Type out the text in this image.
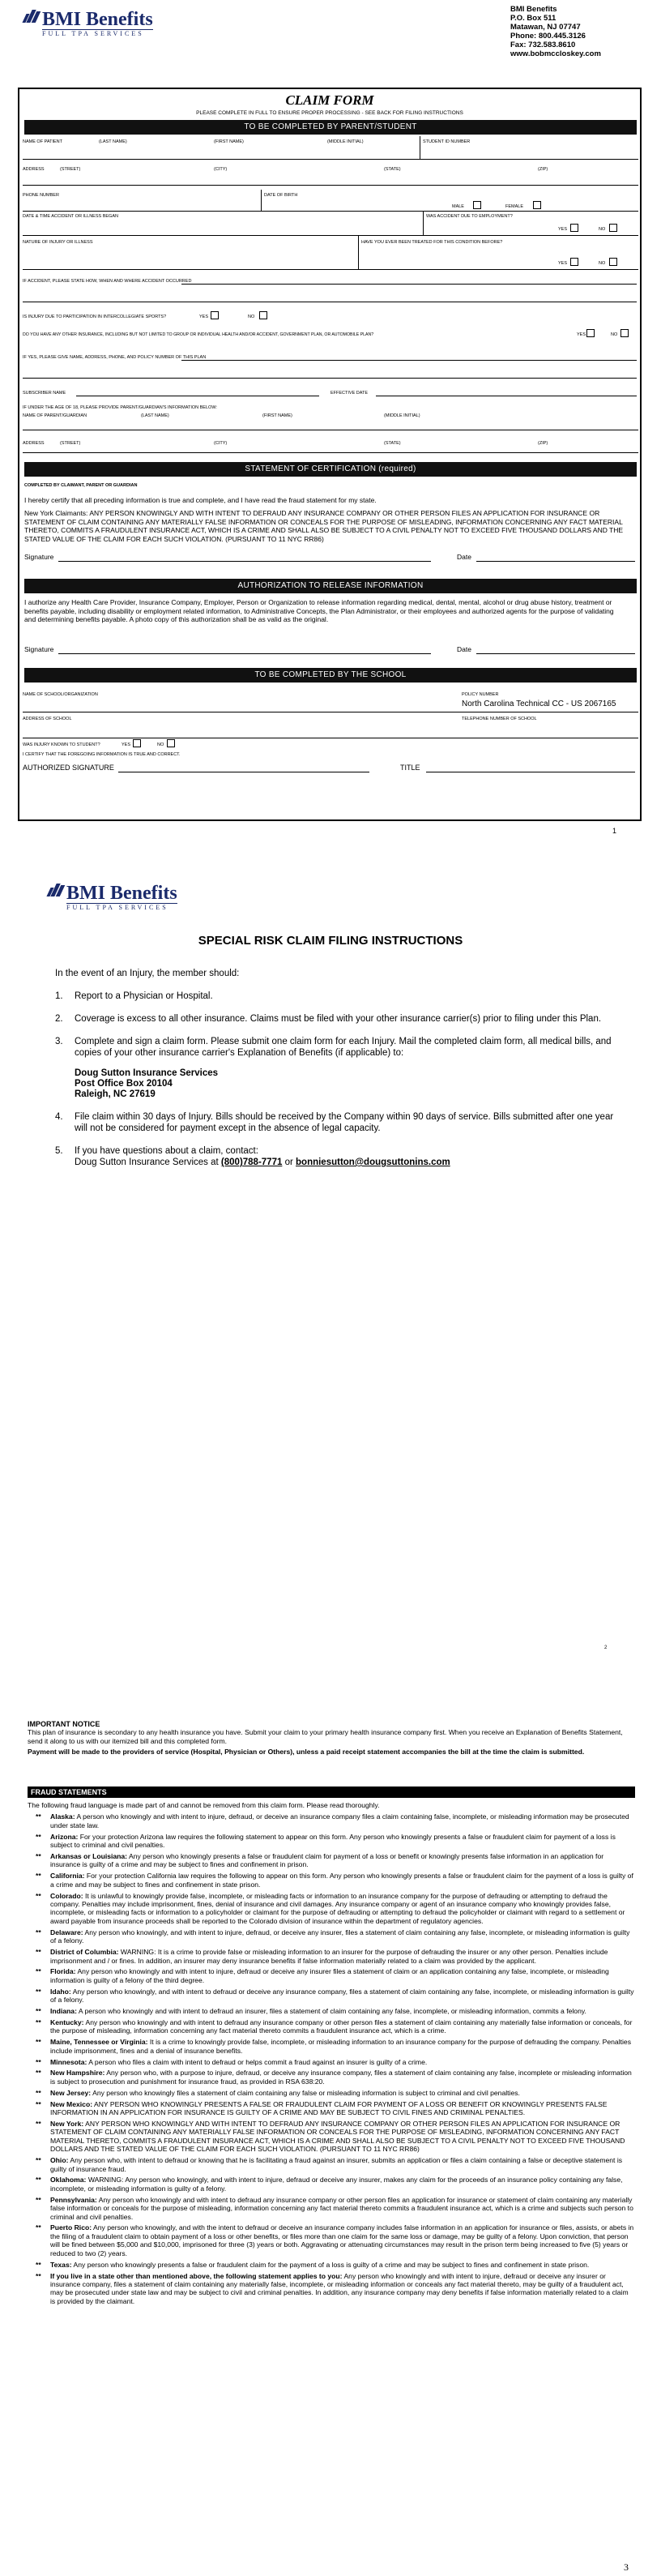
BMI Benefits
FULL TPA SERVICES
BMI Benefits
P.O. Box 511
Matawan, NJ 07747
Phone: 800.445.3126
Fax: 732.583.8610
www.bobmccloskey.com
CLAIM FORM
PLEASE COMPLETE IN FULL TO ENSURE PROPER PROCESSING - SEE BACK FOR FILING INSTRUCTIONS
TO BE COMPLETED BY PARENT/STUDENT
NAME OF PATIENT	(LAST NAME)	(FIRST NAME)	(MIDDLE INITIAL)	STUDENT ID NUMBER
ADDRESS	(STREET)	(CITY)	(STATE)	(ZIP)
PHONE NUMBER	DATE OF BIRTH
MALE	FEMALE
DATE & TIME ACCIDENT OR ILLNESS BEGAN	WAS ACCIDENT DUE TO EMPLOYMENT?
YES	NO
NATURE OF INJURY OR ILLNESS	HAVE YOU EVER BEEN TREATED FOR THIS CONDITION BEFORE?
YES	NO
IF ACCIDENT, PLEASE STATE HOW, WHEN AND WHERE ACCIDENT OCCURRED
IS INJURY DUE TO PARTICIPATION IN INTERCOLLEGIATE SPORTS?	YES	NO
DO YOU HAVE ANY OTHER INSURANCE, INCLUDING BUT NOT LIMITED TO GROUP OR INDIVIDUAL HEALTH AND/OR ACCIDENT, GOVERNMENT PLAN, OR AUTOMOBILE PLAN?	YES	NO
IF YES, PLEASE GIVE NAME, ADDRESS, PHONE, AND POLICY NUMBER OF THIS PLAN
SUBSCRIBER NAME	EFFECTIVE DATE
IF UNDER THE AGE OF 18, PLEASE PROVIDE PARENT/GUARDIAN'S INFORMATION BELOW:
NAME OF PARENT/GUARDIAN	(LAST NAME)	(FIRST NAME)	(MIDDLE INITIAL)
ADDRESS	(STREET)	(CITY)	(STATE)	(ZIP)
STATEMENT OF CERTIFICATION (required)
COMPLETED BY CLAIMANT, PARENT OR GUARDIAN
I hereby certify that all preceding information is true and complete, and I have read the fraud statement for my state.
New York Claimants: ANY PERSON KNOWINGLY AND WITH INTENT TO DEFRAUD ANY INSURANCE COMPANY OR OTHER PERSON FILES AN APPLICATION FOR INSURANCE OR STATEMENT OF CLAIM CONTAINING ANY MATERIALLY FALSE INFORMATION OR CONCEALS FOR THE PURPOSE OF MISLEADING, INFORMATION CONCERNING ANY FACT MATERIAL THERETO, COMMITS A FRAUDULENT INSURANCE ACT, WHICH IS A CRIME AND SHALL ALSO BE SUBJECT TO A CIVIL PENALTY NOT TO EXCEED FIVE THOUSAND DOLLARS AND THE STATED VALUE OF THE CLAIM FOR EACH SUCH VIOLATION. (PURSUANT TO 11 NYC RR86)
Signature	Date
AUTHORIZATION TO RELEASE INFORMATION
I authorize any Health Care Provider, Insurance Company, Employer, Person or Organization to release information regarding medical, dental, mental, alcohol or drug abuse history, treatment or benefits payable, including disability or employment related information, to Administrative Concepts, the Plan Administrator, or their employees and authorized agents for the purpose of validating and determining benefits payable. A photo copy of this authorization shall be as valid as the original.
Signature	Date
TO BE COMPLETED BY THE SCHOOL
NAME OF SCHOOL/ORGANIZATION	POLICY NUMBER
North Carolina Technical CC - US 2067165
ADDRESS OF SCHOOL	TELEPHONE NUMBER OF SCHOOL
WAS INJURY KNOWN TO STUDENT?	YES	NO
I CERTIFY THAT THE FOREGOING INFORMATION IS TRUE AND CORRECT.
AUTHORIZED SIGNATURE	TITLE
1
BMI Benefits
FULL TPA SERVICES
SPECIAL RISK CLAIM FILING INSTRUCTIONS
In the event of an Injury, the member should:
1. Report to a Physician or Hospital.
2. Coverage is excess to all other insurance. Claims must be filed with your other insurance carrier(s) prior to filing under this Plan.
3. Complete and sign a claim form. Please submit one claim form for each Injury. Mail the completed claim form, all medical bills, and copies of your other insurance carrier's Explanation of Benefits (if applicable) to:
Doug Sutton Insurance Services
Post Office Box 20104
Raleigh, NC 27619
4. File claim within 30 days of Injury. Bills should be received by the Company within 90 days of service. Bills submitted after one year will not be considered for payment except in the absence of legal capacity.
5. If you have questions about a claim, contact:
Doug Sutton Insurance Services at (800)788-7771 or bonniesutton@dougsuttonins.com
2
IMPORTANT NOTICE
This plan of insurance is secondary to any health insurance you have. Submit your claim to your primary health insurance company first. When you receive an Explanation of Benefits Statement, send it along to us with our itemized bill and this completed form.
Payment will be made to the providers of service (Hospital, Physician or Others), unless a paid receipt statement accompanies the bill at the time the claim is submitted.
FRAUD STATEMENTS
The following fraud language is made part of and cannot be removed from this claim form. Please read thoroughly.
** Alaska: A person who knowingly and with intent to injure, defraud, or deceive an insurance company files a claim containing false, incomplete, or misleading information may be prosecuted under state law.
** Arizona: For your protection Arizona law requires the following statement to appear on this form. Any person who knowingly presents a false or fraudulent claim for payment of a loss is subject to criminal and civil penalties.
** Arkansas or Louisiana: Any person who knowingly presents a false or fraudulent claim for payment of a loss or benefit or knowingly presents false information in an application for insurance is guilty of a crime and may be subject to fines and confinement in prison.
** California: For your protection California law requires the following to appear on this form. Any person who knowingly presents a false or fraudulent claim for the payment of a loss is guilty of a crime and may be subject to fines and confinement in state prison.
** Colorado: It is unlawful to knowingly provide false, incomplete, or misleading facts or information to an insurance company for the purpose of defrauding or attempting to defraud the company. Penalties may include imprisonment, fines, denial of insurance and civil damages. Any insurance company or agent of an insurance company who knowingly provides false, incomplete, or misleading facts or information to a policyholder or claimant for the purpose of defrauding or attempting to defraud the policyholder or claimant with regard to a settlement or award payable from insurance proceeds shall be reported to the Colorado division of insurance within the department of regulatory agencies.
** Delaware: Any person who knowingly, and with intent to injure, defraud, or deceive any insurer, files a statement of claim containing any false, incomplete, or misleading information is guilty of a felony.
** District of Columbia: WARNING: It is a crime to provide false or misleading information to an insurer for the purpose of defrauding the insurer or any other person. Penalties include imprisonment and / or fines. In addition, an insurer may deny insurance benefits if false information materially related to a claim was provided by the applicant.
** Florida: Any person who knowingly and with intent to injure, defraud or deceive any insurer files a statement of claim or an application containing any false, incomplete, or misleading information is guilty of a felony of the third degree.
** Idaho: Any person who knowingly, and with intent to defraud or deceive any insurance company, files a statement of claim containing any false, incomplete, or misleading information is guilty of a felony.
** Indiana: A person who knowingly and with intent to defraud an insurer, files a statement of claim containing any false, incomplete, or misleading information, commits a felony.
** Kentucky: Any person who knowingly and with intent to defraud any insurance company or other person files a statement of claim containing any materially false information or conceals, for the purpose of misleading, information concerning any fact material thereto commits a fraudulent insurance act, which is a crime.
** Maine, Tennessee or Virginia: It is a crime to knowingly provide false, incomplete, or misleading information to an insurance company for the purpose of defrauding the company. Penalties include imprisonment, fines and a denial of insurance benefits.
** Minnesota: A person who files a claim with intent to defraud or helps commit a fraud against an insurer is guilty of a crime.
** New Hampshire: Any person who, with a purpose to injure, defraud, or deceive any insurance company, files a statement of claim containing any false, incomplete or misleading information is subject to prosecution and punishment for insurance fraud, as provided in RSA 638:20.
** New Jersey: Any person who knowingly files a statement of claim containing any false or misleading information is subject to criminal and civil penalties.
** New Mexico: ANY PERSON WHO KNOWINGLY PRESENTS A FALSE OR FRAUDULENT CLAIM FOR PAYMENT OF A LOSS OR BENEFIT OR KNOWINGLY PRESENTS FALSE INFORMATION IN AN APPLICATION FOR INSURANCE IS GUILTY OF A CRIME AND MAY BE SUBJECT TO CIVIL FINES AND CRIMINAL PENALTIES.
** New York: ANY PERSON WHO KNOWINGLY AND WITH INTENT TO DEFRAUD ANY INSURANCE COMPANY OR OTHER PERSON FILES AN APPLICATION FOR INSURANCE OR STATEMENT OF CLAIM CONTAINING ANY MATERIALLY FALSE INFORMATION OR CONCEALS FOR THE PURPOSE OF MISLEADING, INFORMATION CONCERNING ANY FACT MATERIAL THERETO, COMMITS A FRAUDULENT INSURANCE ACT, WHICH IS A CRIME AND SHALL ALSO BE SUBJECT TO A CIVIL PENALTY NOT TO EXCEED FIVE THOUSAND DOLLARS AND THE STATED VALUE OF THE CLAIM FOR EACH SUCH VIOLATION. (PURSUANT TO 11 NYC RR86)
** Ohio: Any person who, with intent to defraud or knowing that he is facilitating a fraud against an insurer, submits an application or files a claim containing a false or deceptive statement is guilty of insurance fraud.
** Oklahoma: WARNING: Any person who knowingly, and with intent to injure, defraud or deceive any insurer, makes any claim for the proceeds of an insurance policy containing any false, incomplete, or misleading information is guilty of a felony.
** Pennsylvania: Any person who knowingly and with intent to defraud any insurance company or other person files an application for insurance or statement of claim containing any materially false information or conceals for the purpose of misleading, information concerning any fact material thereto commits a fraudulent insurance act, which is a crime and subjects such person to criminal and civil penalties.
** Puerto Rico: Any person who knowingly, and with the intent to defraud or deceive an insurance company includes false information in an application for insurance or files, assists, or abets in the filing of a fraudulent claim to obtain payment of a loss or other benefits, or files more than one claim for the same loss or damage, may be guilty of a felony. Upon conviction, that person will be fined between $5,000 and $10,000, imprisoned for three (3) years or both. Aggravating or attenuating circumstances may result in the prison term being increased to five (5) years or reduced to two (2) years.
** Texas: Any person who knowingly presents a false or fraudulent claim for the payment of a loss is guilty of a crime and may be subject to fines and confinement in state prison.
** If you live in a state other than mentioned above, the following statement applies to you: Any person who knowingly and with intent to injure, defraud or deceive any insurer or insurance company, files a statement of claim containing any materially false, incomplete, or misleading information or conceals any fact material thereto, may be guilty of a fraudulent act, may be prosecuted under state law and may be subject to civil and criminal penalties. In addition, any insurance company may deny benefits if false information materially related to a claim is provided by the claimant.
3
